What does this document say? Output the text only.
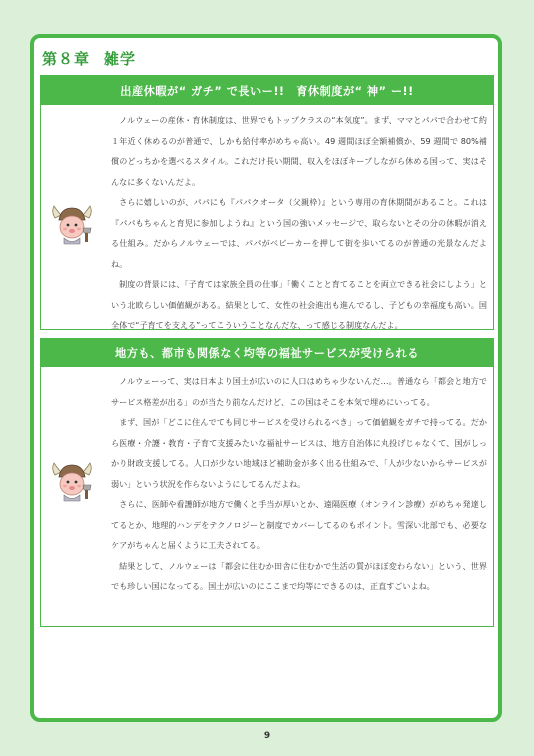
第８章 雑学
出産休暇が“ ガチ” で長いー!!　育休制度が“ 神” ー!!

ノルウェーの産休・育休制度は、世界でもトップクラスの“本気度”。まず、ママとパパで合わせて約１年近く休めるのが普通で、しかも給付率がめちゃ高い。49 週間ほぼ全額補償か、59 週間で 80%補償のどっちかを選べるスタイル。これだけ長い期間、収入をほぼキープしながら休める国って、実はそんなに多くないんだよ。

さらに嬉しいのが、パパにも『パパクオータ（父親枠）』という専用の育休期間があること。これは『パパもちゃんと育児に参加しようね』という国の強いメッセージで、取らないとその分の休暇が消える仕組み。だからノルウェーでは、パパがベビーカーを押して街を歩いてるのが普通の光景なんだよね。

制度の背景には、「子育ては家族全員の仕事」「働くことと育てることを両立できる社会にしよう」という北欧らしい価値観がある。結果として、女性の社会進出も進んでるし、子どもの幸福度も高い。国全体で“子育てを支える”ってこういうことなんだな、って感じる制度なんだよ。

地方も、都市も関係なく均等の福祉サービスが受けられる

ノルウェーって、実は日本より国土が広いのに人口はめちゃ少ないんだ…。普通なら「都会と地方でサービス格差が出る」のが当たり前なんだけど、この国はそこを本気で埋めにいってる。

まず、国が「どこに住んでても同じサービスを受けられるべき」って価値観をガチで持ってる。だから医療・介護・教育・子育て支援みたいな福祉サービスは、地方自治体に丸投げじゃなくて、国がしっかり財政支援してる。人口が少ない地域ほど補助金が多く出る仕組みで、「人が少ないからサービスが弱い」という状況を作らないようにしてるんだよね。

さらに、医師や看護師が地方で働くと手当が厚いとか、遠隔医療（オンライン診療）がめちゃ発達してるとか、地理的ハンデをテクノロジーと制度でカバーしてるのもポイント。雪深い北部でも、必要なケアがちゃんと届くように工夫されてる。

結果として、ノルウェーは「都会に住むか田舎に住むかで生活の質がほぼ変わらない」という、世界でも珍しい国になってる。国土が広いのにここまで均等にできるのは、正直すごいよね。

9
